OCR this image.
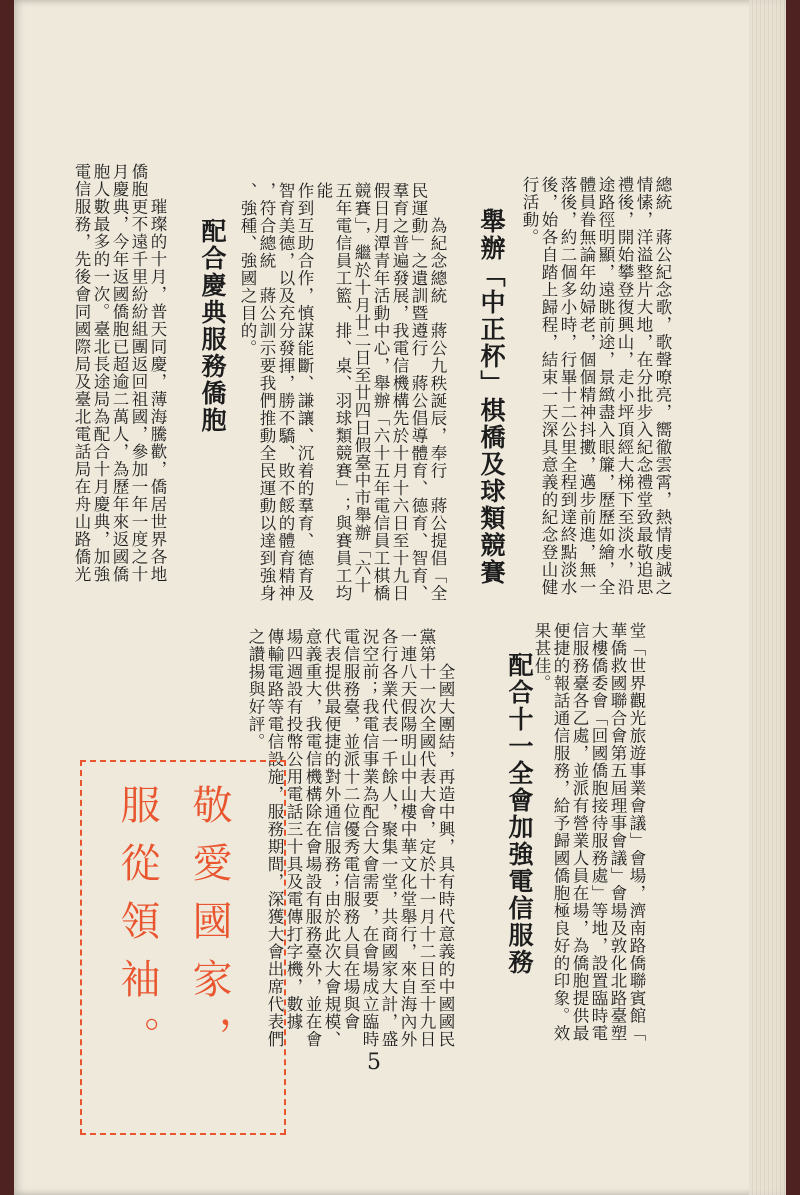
總統　蔣公紀念歌，歌聲嘹亮，嚮徹雲霄，熱情虔誠之
情愫，洋溢整片大地，在分批步入紀念禮堂致最敬追思
禮後，開始攀登復興山，走小坪頂經大梯下至淡水，沿
途路徑明顯，遠眺前途，景緻盡入眼簾，歷歷如繪，全
體員眷無論年幼婦老，個個精神抖擻，邁步前進，無一
落後，約二個多小時，行畢十二公里全程到達終點淡水
後，始各自踏上歸程，結束一天深具意義的紀念登山健
行活動。
舉辦「中正杯」棋橋及球類競賽
　　為紀念總統　蔣公九秩誕辰，奉行　蔣公提倡「全
民運動」之遺訓暨遵行　蔣公倡導體育、德育、智育、
羣育之普遍發展，我電信機構先於十月十六日至十九日
假日月潭青年活動中心，舉辦「六十五年電信員工棋橋
競賽」，繼於十月廿二日至廿四日假臺中市舉辦「六十
五年電信員工籃、排、桌、羽球類競賽」；與賽員工均能
作到互助合作，慎謀能斷、謙讓、沉着的羣育、德育及
智育美德，以及充分發揮，勝不驕、敗不餒的體育精神
，符合總統　蔣公訓示要我們推動全民運動以達到強身
、強種、強國之目的。
配合慶典服務僑胞
　　璀璨的十月，普天同慶，薄海騰歡，僑居世界各地
僑胞更不遠千里紛紛組團返回祖國，參加一年一度之十
月慶典，今年返國僑胞已超逾二萬人，為歷年來返國僑
胞人數最多的一次。臺北長途局為配合十月慶典，加強
電信服務，先後會同國際局及臺北電話局在舟山路僑光
堂「世界觀光旅遊事業會議」會場，濟南路僑聯賓館「
華僑救國聯合會第五屆理事會議」會場及敦化北路臺塑
大樓僑委會「回國僑胞接待服務處」等地，設置臨時電
信服務臺各乙處，並派有營業人員在場，為僑胞提供最
便捷的報話通信服務，給予歸國僑胞極良好的印象。效
果甚佳。
配合十一全會加強電信服務
　　全國大團結，再造中興，具有時代意義的中國國民
黨第十一次全國代表大會，定於十一月十二日至十九日
一連八天假陽明山中山樓中華文化堂舉行，來自海內外
各行各業代表一千餘人，聚集一堂，共商國家大計，盛
況空前；我電信事業為配合大會需要，在會場成立臨時
電信服務臺，並派十二位優秀電信服務人員在場與會
代表提供最便捷的對外通信服務；由於此次大會規模、
意義重大，我電信機構除在會場設有服務臺外，並在會
場四週設有投幣公用電話三十具及電傳打字機，數據
傳輸電路等電信設施，服務期間，深獲大會出席代表們
之讚揚與好評。
敬愛國家，
服從領袖。	5
